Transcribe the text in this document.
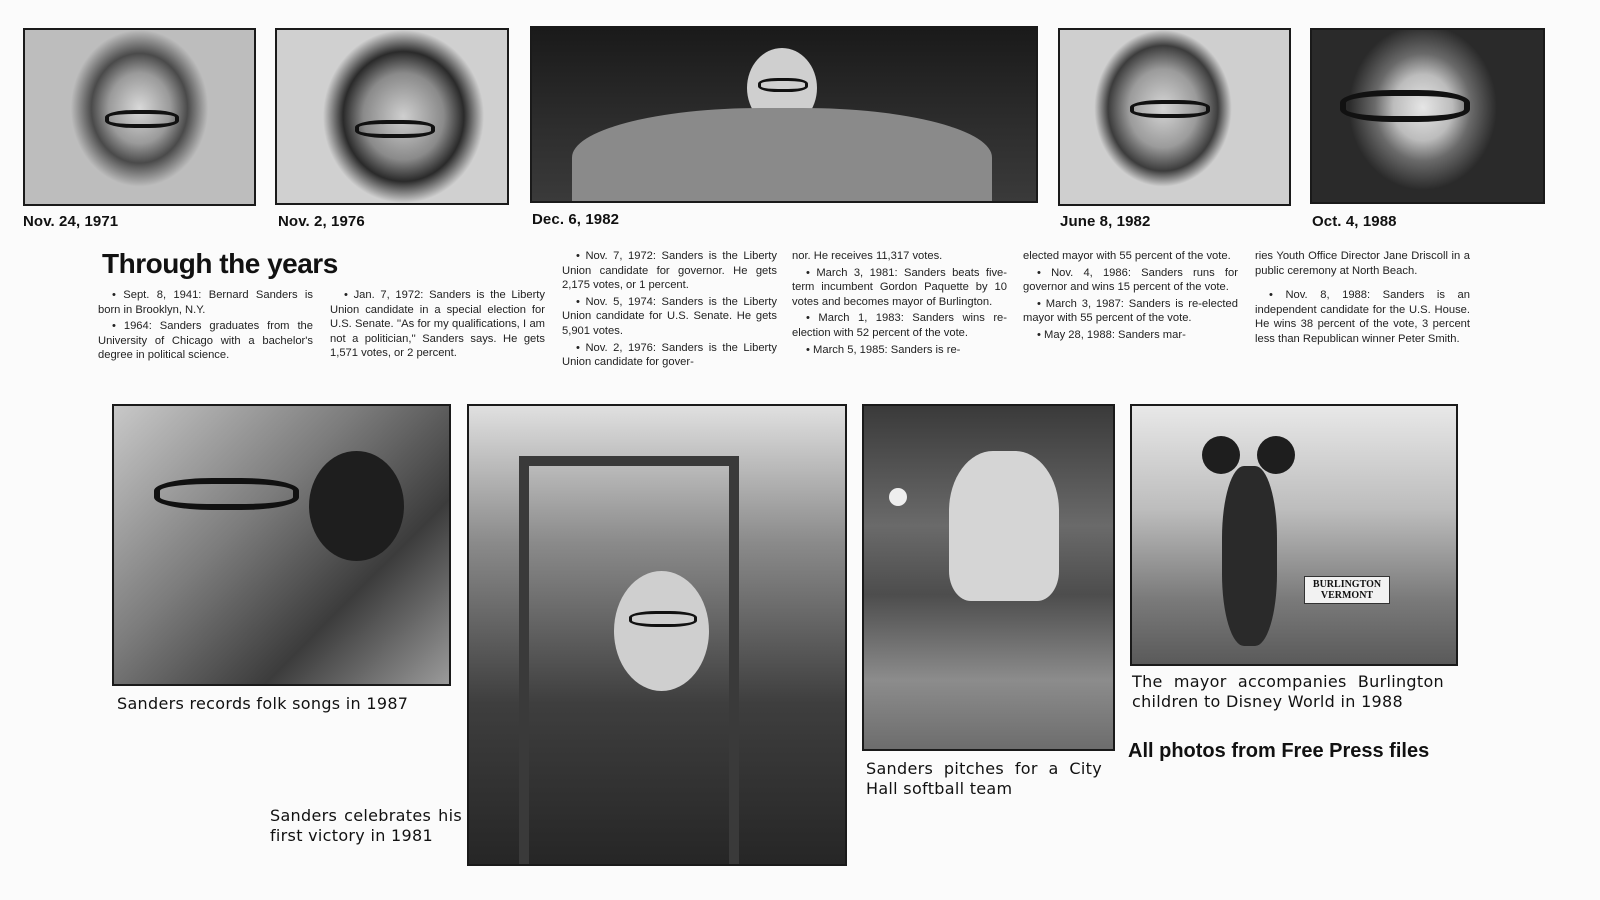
Nov. 24, 1971	Nov. 2, 1976	Dec. 6, 1982	June 8, 1982	Oct. 4, 1988
Through the years

• Sept. 8, 1941: Bernard Sanders is born in Brooklyn, N.Y.

• 1964: Sanders graduates from the University of Chicago with a bachelor's degree in political science.

• Jan. 7, 1972: Sanders is the Liberty Union candidate in a special election for U.S. Senate. ''As for my qualifications, I am not a politician,'' Sanders says. He gets 1,571 votes, or 2 percent.

• Nov. 7, 1972: Sanders is the Liberty Union candidate for governor. He gets 2,175 votes, or 1 percent.

• Nov. 5, 1974: Sanders is the Liberty Union candidate for U.S. Senate. He gets 5,901 votes.

• Nov. 2, 1976: Sanders is the Liberty Union candidate for gover-

nor. He receives 11,317 votes.

• March 3, 1981: Sanders beats five-term incumbent Gordon Paquette by 10 votes and becomes mayor of Burlington.

• March 1, 1983: Sanders wins re-election with 52 percent of the vote.

• March 5, 1985: Sanders is re-

elected mayor with 55 percent of the vote.

• Nov. 4, 1986: Sanders runs for governor and wins 15 percent of the vote.

• March 3, 1987: Sanders is re-elected mayor with 55 percent of the vote.

• May 28, 1988: Sanders mar-

ries Youth Office Director Jane Driscoll in a public ceremony at North Beach.

• Nov. 8, 1988: Sanders is an independent candidate for the U.S. House. He wins 38 percent of the vote, 3 percent less than Republican winner Peter Smith.

Sanders records folk songs in 1987
Sanders celebrates his first victory in 1981
Sanders pitches for a City Hall softball team
BURLINGTON VERMONT
The mayor accompanies Burlington children to Disney World in 1988
All photos from Free Press files
